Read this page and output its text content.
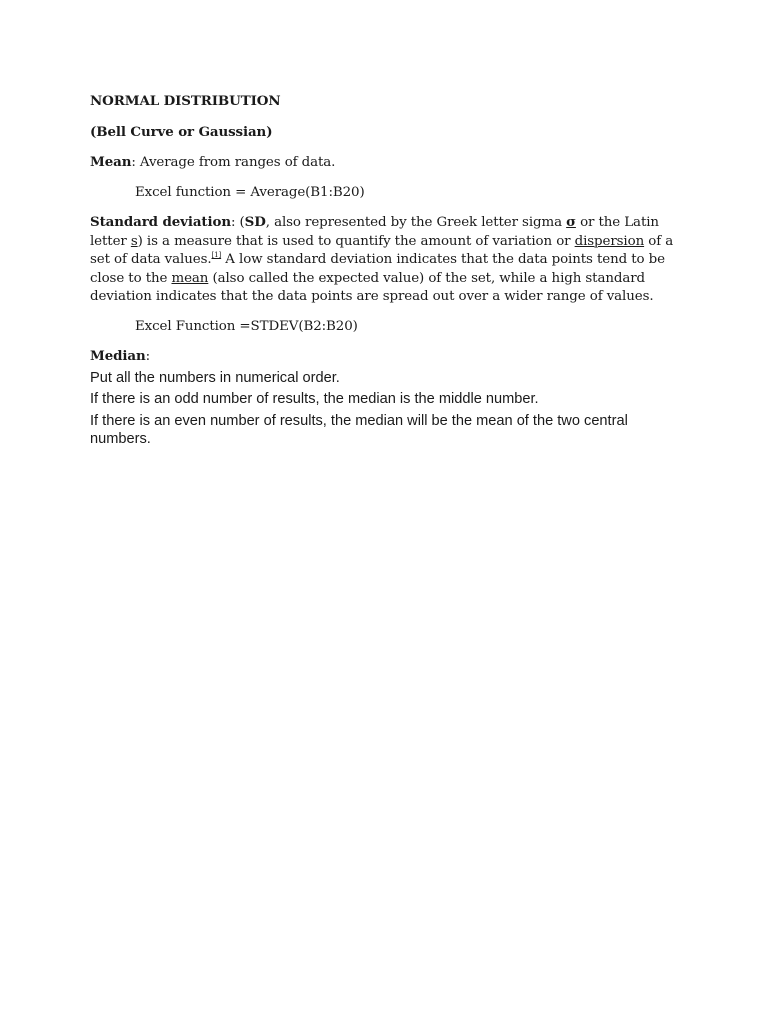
NORMAL DISTRIBUTION

(Bell Curve or Gaussian)

Mean: Average from ranges of data.

Excel function = Average(B1:B20)

Standard deviation: (SD, also represented by the Greek letter sigma σ or the Latin letter s) is a measure that is used to quantify the amount of variation or dispersion of a set of data values.[1] A low standard deviation indicates that the data points tend to be close to the mean (also called the expected value) of the set, while a high standard deviation indicates that the data points are spread out over a wider range of values.

Excel Function =STDEV(B2:B20)

Median:

Put all the numbers in numerical order.

If there is an odd number of results, the median is the middle number.

If there is an even number of results, the median will be the mean of the two central numbers.
